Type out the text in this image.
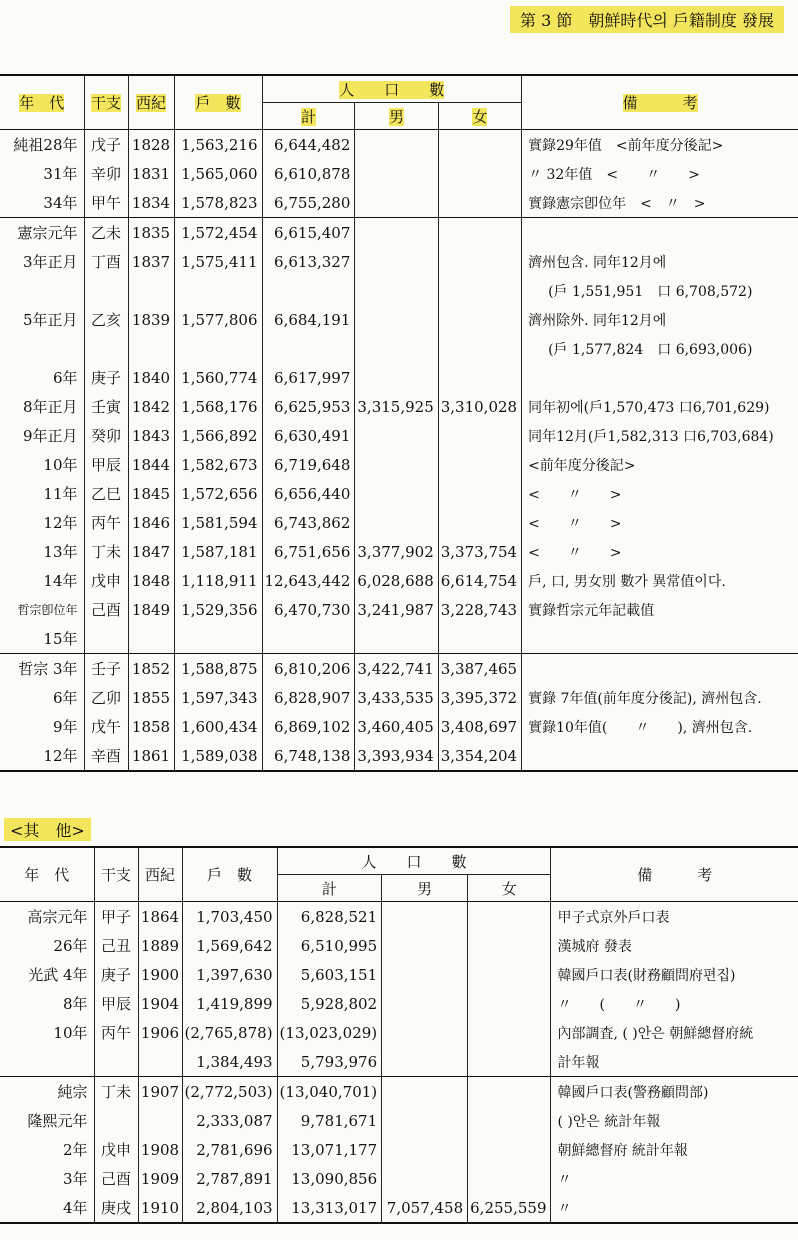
第 3 節　朝鮮時代의 戶籍制度 發展
年　代	干支	西紀	戶　數	人　　口　　數			備　　　考
				計	男	女	
純祖28年	戊子	1828	1,563,216	6,644,482			實錄29年值　<前年度分後記>
31年	辛卯	1831	1,565,060	6,610,878			〃 32年值　<　　〃　　>
34年	甲午	1834	1,578,823	6,755,280			實錄憲宗卽位年　<　〃　>
憲宗元年	乙未	1835	1,572,454	6,615,407			
3年正月	丁酉	1837	1,575,411	6,613,327			濟州包含. 同年12月에
							(戶 1,551,951　口 6,708,572)
5年正月	乙亥	1839	1,577,806	6,684,191			濟州除外. 同年12月에
							(戶 1,577,824　口 6,693,006)
6年	庚子	1840	1,560,774	6,617,997			
8年正月	壬寅	1842	1,568,176	6,625,953	3,315,925	3,310,028	同年初에(戶1,570,473 口6,701,629)
9年正月	癸卯	1843	1,566,892	6,630,491			同年12月(戶1,582,313 口6,703,684)
10年	甲辰	1844	1,582,673	6,719,648			<前年度分後記>
11年	乙巳	1845	1,572,656	6,656,440			<　　〃　　>
12年	丙午	1846	1,581,594	6,743,862			<　　〃　　>
13年	丁未	1847	1,587,181	6,751,656	3,377,902	3,373,754	<　　〃　　>
14年	戊申	1848	1,118,911	12,643,442	6,028,688	6,614,754	戶, 口, 男女別 數가 異常值이다.
哲宗卽位年	己酉	1849	1,529,356	6,470,730	3,241,987	3,228,743	實錄哲宗元年記載值
15年							
哲宗 3年	壬子	1852	1,588,875	6,810,206	3,422,741	3,387,465	
6年	乙卯	1855	1,597,343	6,828,907	3,433,535	3,395,372	實錄 7年值(前年度分後記), 濟州包含.
9年	戊午	1858	1,600,434	6,869,102	3,460,405	3,408,697	實錄10年值(　　〃　　), 濟州包含.
12年	辛酉	1861	1,589,038	6,748,138	3,393,934	3,354,204	
<其　他>
年　代	干支	西紀	戶　數	人　　口　　數			備　　　考
				計	男	女	
高宗元年	甲子	1864	1,703,450	6,828,521			甲子式京外戶口表
26年	己丑	1889	1,569,642	6,510,995			漢城府 發表
光武 4年	庚子	1900	1,397,630	5,603,151			韓國戶口表(財務顧問府편집)
8年	甲辰	1904	1,419,899	5,928,802			〃　　(　　〃　　)
10年	丙午	1906	(2,765,878)	(13,023,029)			內部調査, ( )안은 朝鮮總督府統
			1,384,493	5,793,976			計年報
純宗	丁未	1907	(2,772,503)	(13,040,701)			韓國戶口表(警務顧問部)
隆熙元年			2,333,087	9,781,671			( )안은 統計年報
2年	戊申	1908	2,781,696	13,071,177			朝鮮總督府 統計年報
3年	己酉	1909	2,787,891	13,090,856			〃
4年	庚戌	1910	2,804,103	13,313,017	7,057,458	6,255,559	〃
